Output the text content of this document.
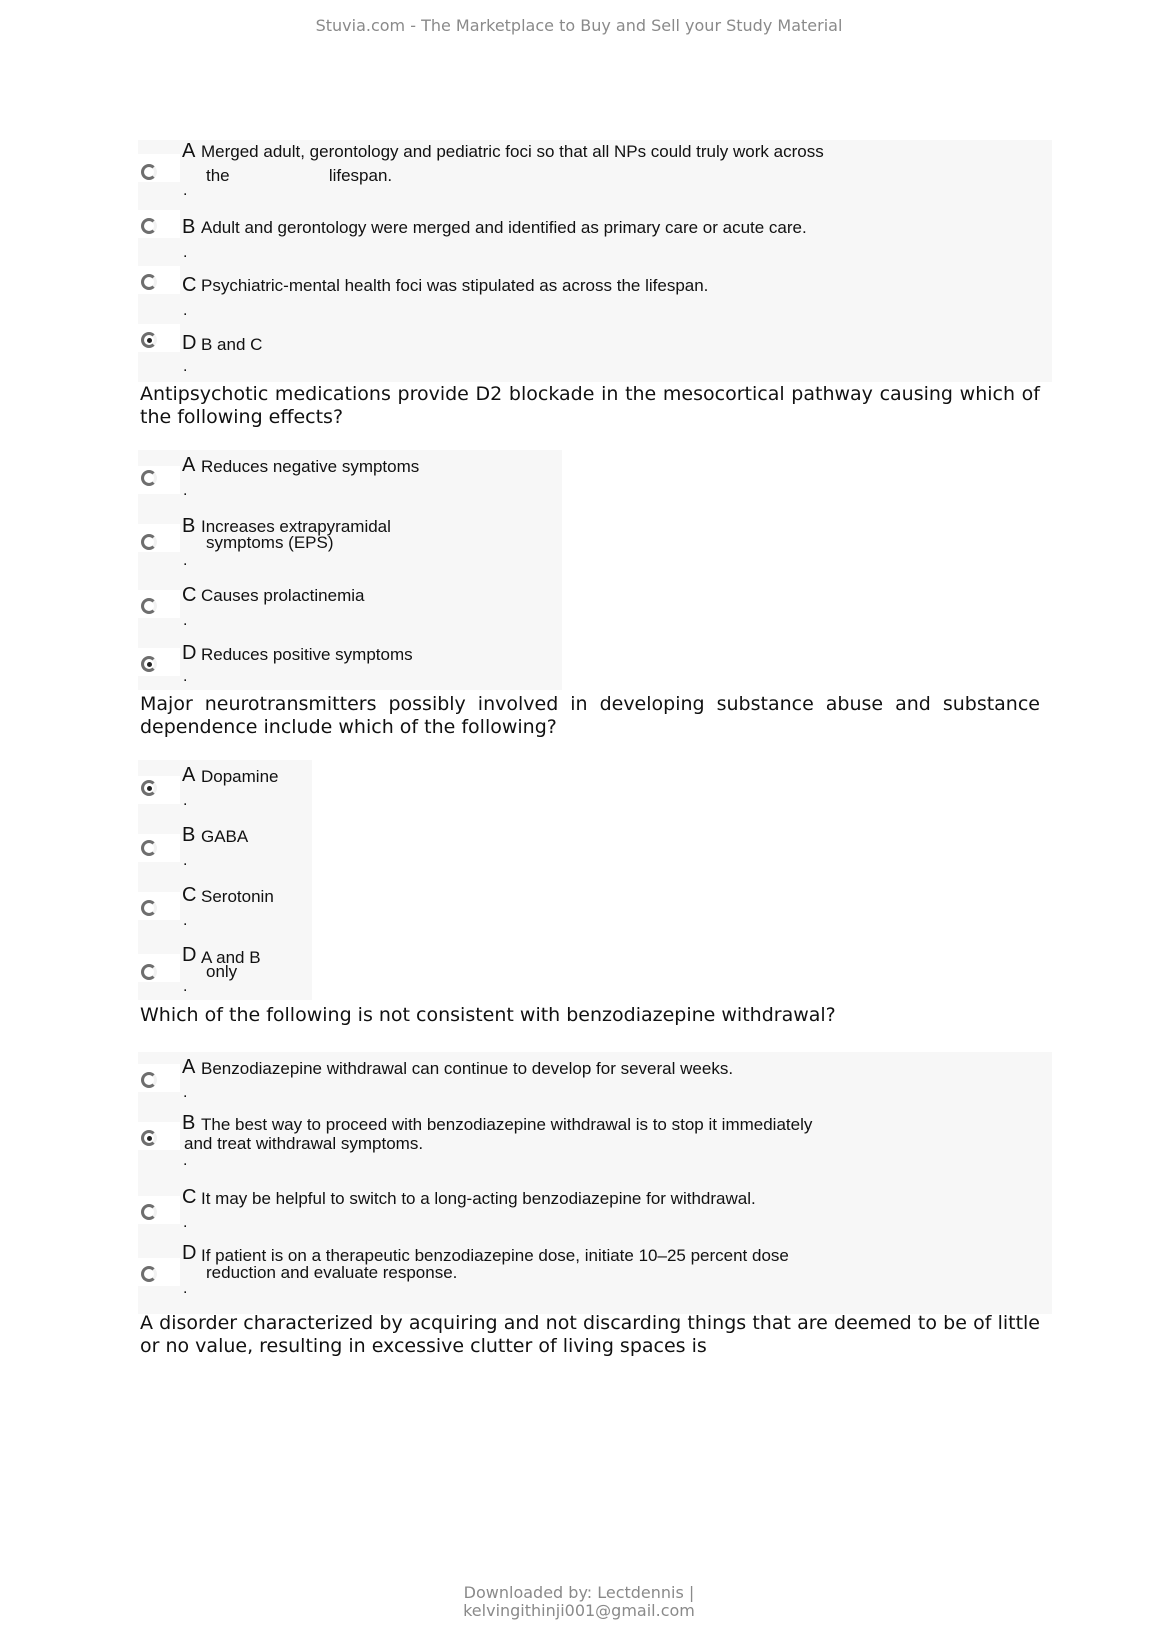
Stuvia.com - The Marketplace to Buy and Sell your Study Material
A Merged adult, gerontology and pediatric foci so that all NPs could truly work across
the                     lifespan.
.
B Adult and gerontology were merged and identified as primary care or acute care.
.
C Psychiatric-mental health foci was stipulated as across the lifespan.
.
D B and C
.
Antipsychotic medications provide D2 blockade in the mesocortical pathway causing which of the following effects?
A Reduces negative symptoms
.
B Increases extrapyramidal
symptoms (EPS)
.
C Causes prolactinemia
.
D Reduces positive symptoms
.
Major neurotransmitters possibly involved in developing substance abuse and substance dependence include which of the following?
A Dopamine
.
B GABA
.
C Serotonin
.
D A and B
only
.
Which of the following is not consistent with benzodiazepine withdrawal?
A Benzodiazepine withdrawal can continue to develop for several weeks.
.
B The best way to proceed with benzodiazepine withdrawal is to stop it immediately
and treat withdrawal symptoms.
.
C It may be helpful to switch to a long-acting benzodiazepine for withdrawal.
.
D If patient is on a therapeutic benzodiazepine dose, initiate 10–25 percent dose
reduction and evaluate response.
.
A disorder characterized by acquiring and not discarding things that are deemed to be of little or no value, resulting in excessive clutter of living spaces is
Downloaded by: Lectdennis |
kelvingithinji001@gmail.com
